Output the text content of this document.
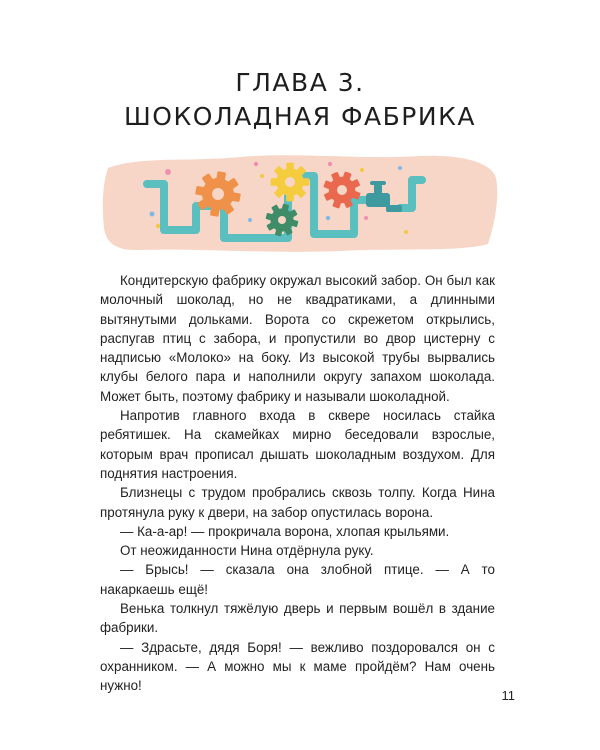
ГЛАВА 3.
ШОКОЛАДНАЯ ФАБРИКА

Кондитерскую фабрику окружал высокий забор. Он был как молочный шоколад, но не квадратиками, а длинными вытянутыми дольками. Ворота со скрежетом открылись, распугав птиц с забора, и пропустили во двор цистерну с надписью «Молоко» на боку. Из высокой трубы вырвались клубы белого пара и наполнили округу запахом шоколада. Может быть, поэтому фабрику и называли шоколадной.

Напротив главного входа в сквере носилась стайка ребятишек. На скамейках мирно беседовали взрослые, которым врач прописал дышать шоколадным воздухом. Для поднятия настроения.

Близнецы с трудом пробрались сквозь толпу. Когда Нина протянула руку к двери, на забор опустилась ворона.

— Ка-а-ар! — прокричала ворона, хлопая крыльями.

От неожиданности Нина отдёрнула руку.

— Брысь! — сказала она злобной птице. — А то накаркаешь ещё!

Венька толкнул тяжёлую дверь и первым вошёл в здание фабрики.

— Здрасьте, дядя Боря! — вежливо поздоровался он с охранником. — А можно мы к маме пройдём? Нам очень нужно!

11
